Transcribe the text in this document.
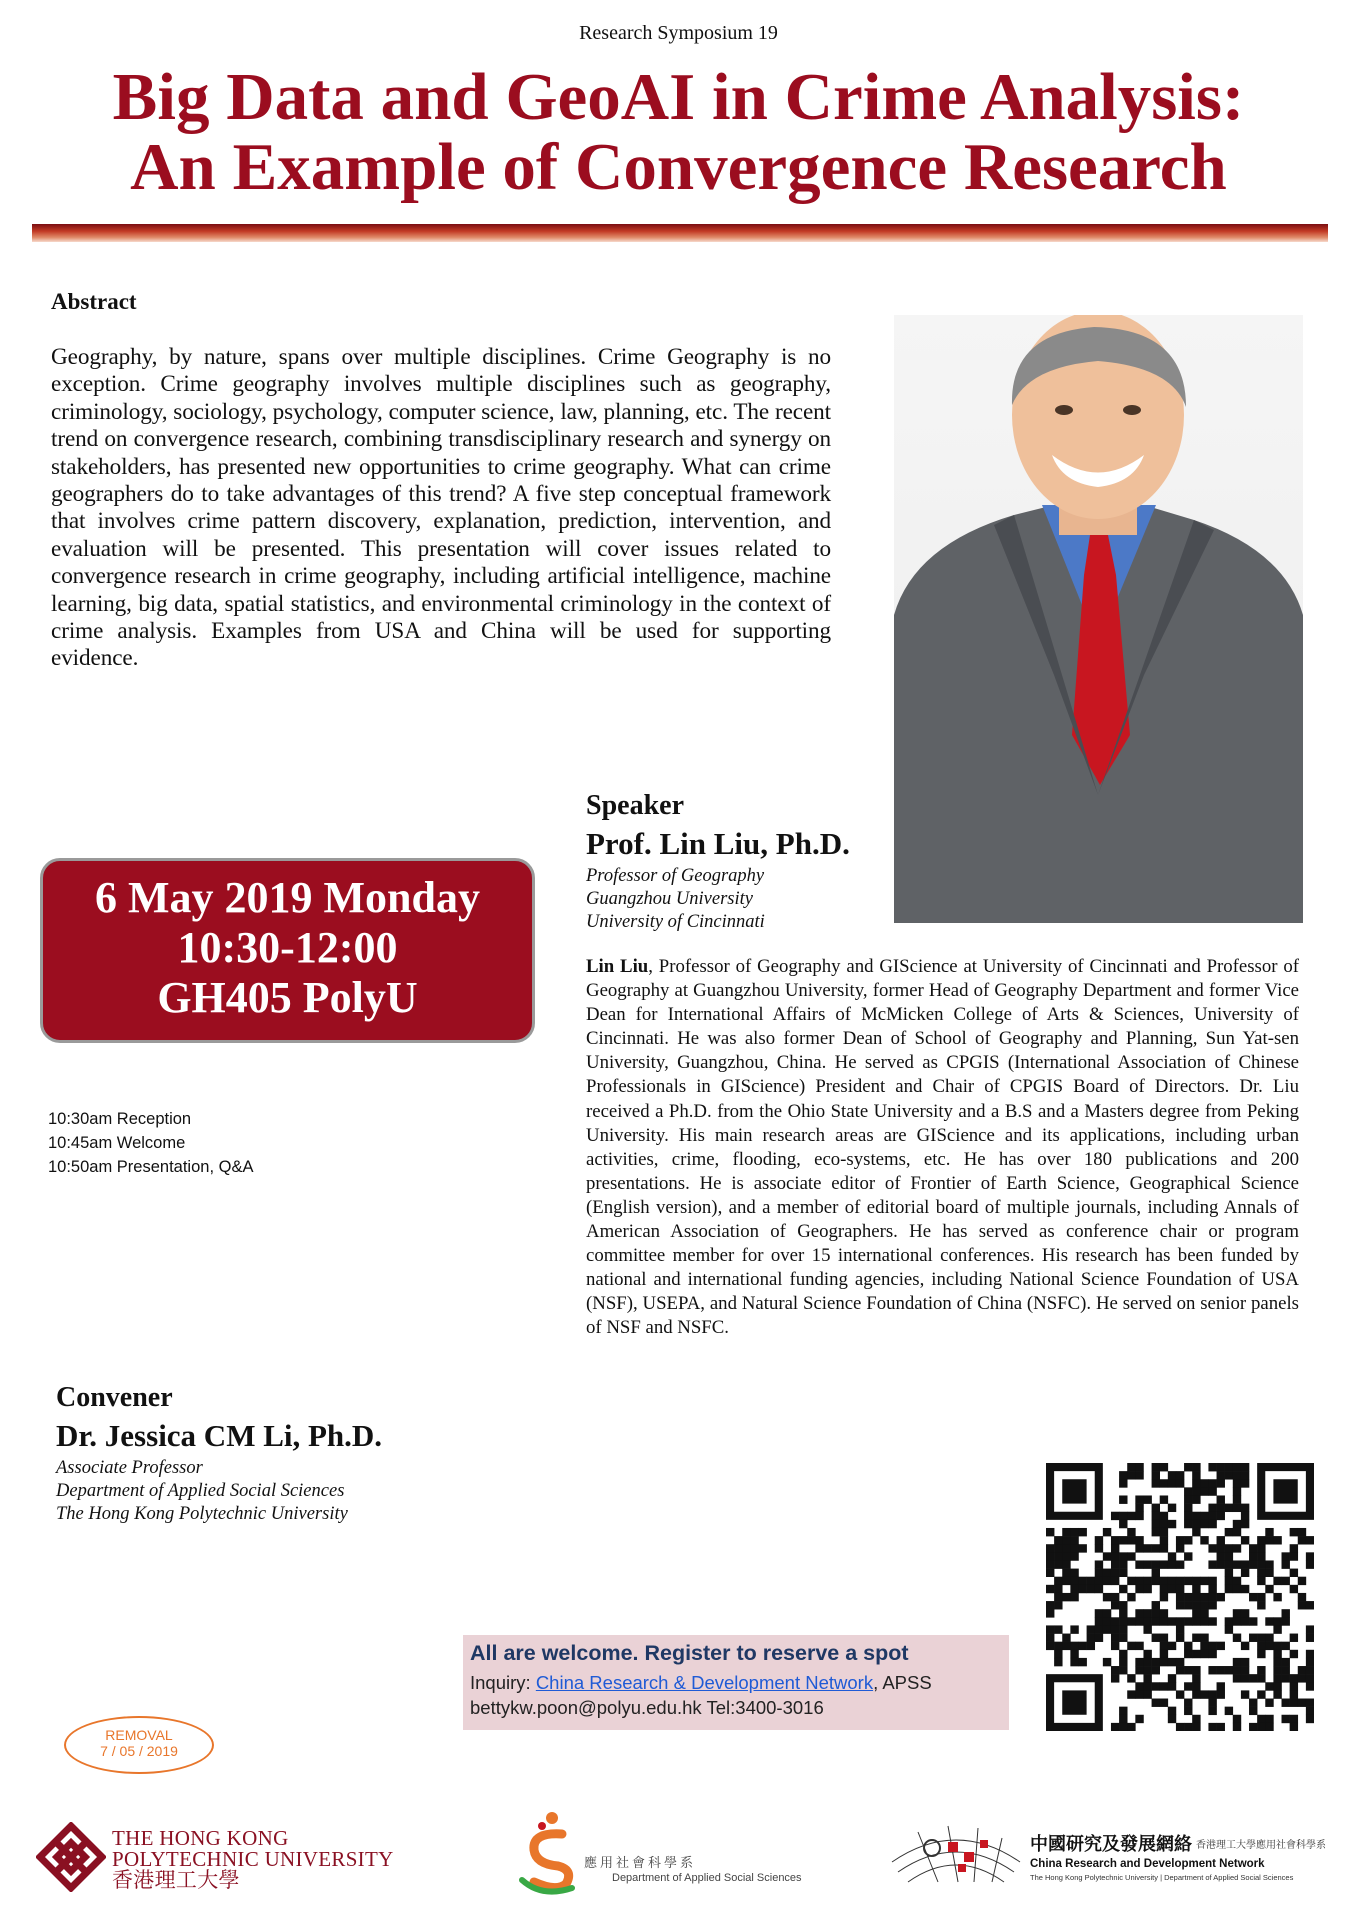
Research Symposium 19
Big Data and GeoAI in Crime Analysis:
An Example of Convergence Research
Abstract
Geography, by nature, spans over multiple disciplines. Crime Geography is no exception. Crime geography involves multiple disciplines such as geography, criminology, sociology, psychology, computer science, law, planning, etc. The recent trend on convergence research, combining transdisciplinary research and synergy on stakeholders, has presented new opportunities to crime geography. What can crime geographers do to take advantages of this trend? A five step conceptual framework that involves crime pattern discovery, explanation, prediction, intervention, and evaluation will be presented. This presentation will cover issues related to convergence research in crime geography, including artificial intelligence, machine learning, big data, spatial statistics, and environmental criminology in the context of crime analysis. Examples from USA and China will be used for supporting evidence.
Speaker
Prof. Lin Liu, Ph.D.
Professor of Geography
Guangzhou University
University of Cincinnati
6 May 2019 Monday
10:30-12:00
GH405 PolyU
10:30am Reception
10:45am Welcome
10:50am Presentation, Q&A
Lin Liu, Professor of Geography and GIScience at University of Cincinnati and Professor of Geography at Guangzhou University, former Head of Geography Department and former Vice Dean for International Affairs of McMicken College of Arts & Sciences, University of Cincinnati. He was also former Dean of School of Geography and Planning, Sun Yat-sen University, Guangzhou, China. He served as CPGIS (International Association of Chinese Professionals in GIScience) President and Chair of CPGIS Board of Directors. Dr. Liu received a Ph.D. from the Ohio State University and a B.S and a Masters degree from Peking University. His main research areas are GIScience and its applications, including urban activities, crime, flooding, eco-systems, etc. He has over 180 publications and 200 presentations. He is associate editor of Frontier of Earth Science, Geographical Science (English version), and a member of editorial board of multiple journals, including Annals of American Association of Geographers. He has served as conference chair or program committee member for over 15 international conferences. His research has been funded by national and international funding agencies, including National Science Foundation of USA (NSF), USEPA, and Natural Science Foundation of China (NSFC). He served on senior panels of NSF and NSFC.
Convener
Dr. Jessica CM Li, Ph.D.
Associate Professor
Department of Applied Social Sciences
The Hong Kong Polytechnic University
All are welcome. Register to reserve a spot
Inquiry: China Research & Development Network, APSS
bettykw.poon@polyu.edu.hk Tel:3400-3016
REMOVAL
7 / 05 / 2019
THE HONG KONG
POLYTECHNIC UNIVERSITY
香港理工大學
應用社會科學系
Department of Applied Social Sciences
中國研究及發展網絡 香港理工大學應用社會科學系
China Research and Development Network
The Hong Kong Polytechnic University | Department of Applied Social Sciences
